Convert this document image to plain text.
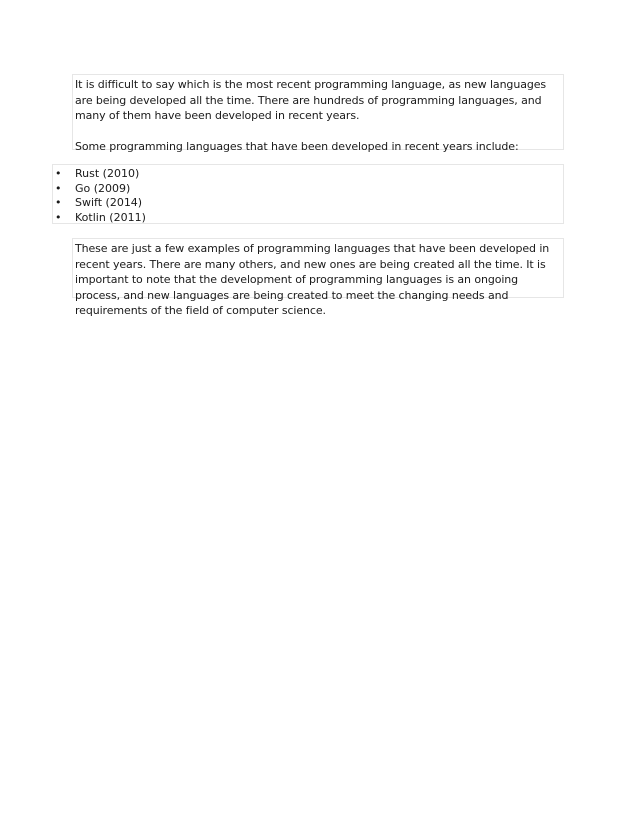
It is difficult to say which is the most recent programming language, as new languages are being developed all the time. There are hundreds of programming languages, and many of them have been developed in recent years.

Some programming languages that have been developed in recent years include:

• Rust (2010)
• Go (2009)
• Swift (2014)
• Kotlin (2011)

These are just a few examples of programming languages that have been developed in recent years. There are many others, and new ones are being created all the time. It is important to note that the development of programming languages is an ongoing process, and new languages are being created to meet the changing needs and requirements of the field of computer science.
